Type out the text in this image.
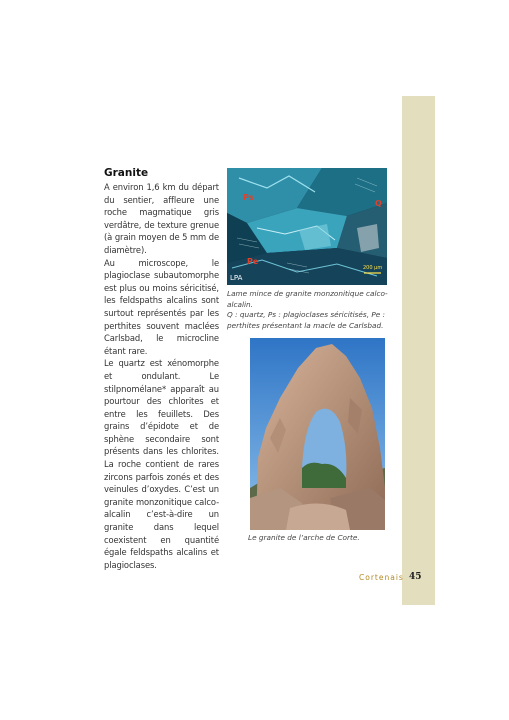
Granite

A environ 1,6 km du départ du sentier, affleure une roche magmatique gris verdâtre, de texture grenue (à grain moyen de 5 mm de diamètre).

Au microscope, le plagioclase subautomorphe est plus ou moins séricitisé, les feldspaths alcalins sont surtout représentés par les perthites souvent maclées Carlsbad, le microcline étant rare.

Le quartz est xénomorphe et ondulant. Le stilpnomélane* apparaît au pourtour des chlorites et entre les feuillets. Des grains d’épidote et de sphène secondaire sont présents dans les chlorites. La roche contient de rares zircons parfois zonés et des veinules d’oxydes. C’est un granite monzonitique calco-alcalin c’est-à-dire un granite dans lequel coexistent en quantité égale feldspaths alcalins et plagioclases.

Ps
Q
Pe
LPA
200 µm

Lame mince de granite monzonitique calco-alcalin.

Q : quartz, Ps : plagioclases séricitisés, Pe : perthites présentant la macle de Carlsbad.

Le granite de l’arche de Corte.
Cortenais 45
